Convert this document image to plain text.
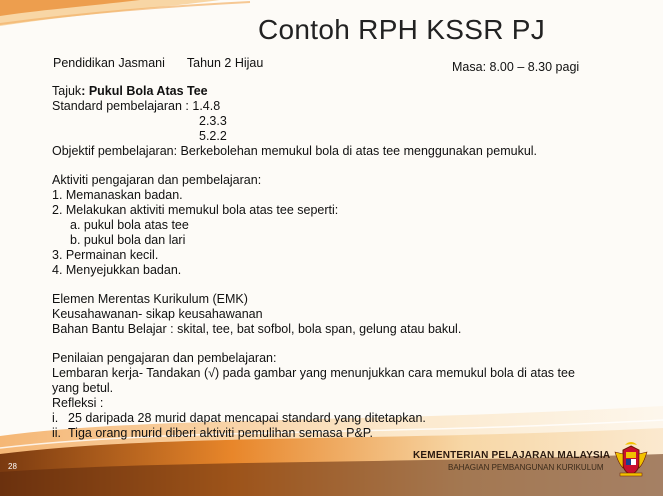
Contoh RPH KSSR PJ
Pendidikan Jasmani Tahun 2 Hijau	Masa: 8.00 – 8.30 pagi
Tajuk: Pukul Bola Atas Tee
Standard pembelajaran : 1.4.8
2.3.3
5.2.2
Objektif pembelajaran: Berkebolehan memukul bola di atas tee menggunakan pemukul.
Aktiviti pengajaran dan pembelajaran:
1. Memanaskan badan.
2. Melakukan aktiviti memukul bola atas tee seperti:
a. pukul bola atas tee
b. pukul bola dan lari
3. Permainan kecil.
4. Menyejukkan badan.
Elemen Merentas Kurikulum (EMK)
Keusahawanan- sikap keusahawanan
Bahan Bantu Belajar : skital, tee, bat sofbol, bola span, gelung atau bakul.
Penilaian pengajaran dan pembelajaran:
Lembaran kerja- Tandakan (√) pada gambar yang menunjukkan cara memukul bola di atas tee
yang betul.
Refleksi :
i. 25 daripada 28 murid dapat mencapai standard yang ditetapkan.
ii. Tiga orang murid diberi aktiviti pemulihan semasa P&P.
28
KEMENTERIAN PELAJARAN MALAYSIA
BAHAGIAN PEMBANGUNAN KURIKULUM
